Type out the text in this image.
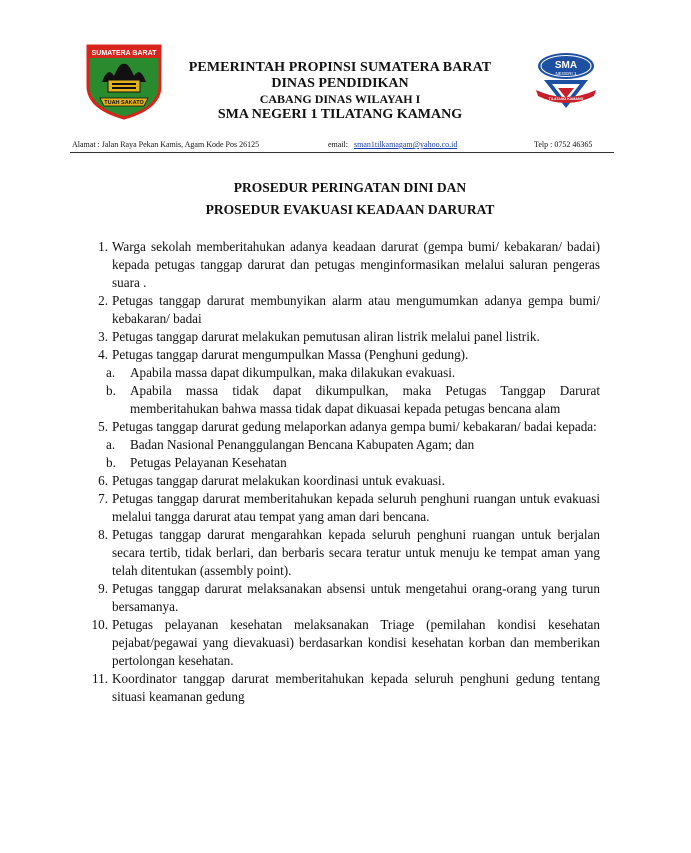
SUMATERA BARAT
TUAH SAKATO
SMA
NEGERI 1
TILATANG KAMANG
PEMERINTAH PROPINSI SUMATERA BARAT
DINAS PENDIDIKAN
CABANG DINAS WILAYAH I
SMA NEGERI 1 TILATANG KAMANG
Alamat : Jalan Raya Pekan Kamis, Agam Kode Pos 26125	email: sman1tilkamagam@yahoo.co.id	Telp : 0752 46365
PROSEDUR PERINGATAN DINI DAN
PROSEDUR EVAKUASI KEADAAN DARURAT
1. Warga sekolah memberitahukan adanya keadaan darurat (gempa bumi/ kebakaran/ badai) kepada petugas tanggap darurat dan petugas menginformasikan melalui saluran pengeras suara .
2. Petugas tanggap darurat membunyikan alarm atau mengumumkan adanya gempa bumi/ kebakaran/ badai
3. Petugas tanggap darurat melakukan pemutusan aliran listrik melalui panel listrik.
4. Petugas tanggap darurat mengumpulkan Massa (Penghuni gedung).
a. Apabila massa dapat dikumpulkan, maka dilakukan evakuasi.
b. Apabila massa tidak dapat dikumpulkan, maka Petugas Tanggap Darurat memberitahukan bahwa massa tidak dapat dikuasai kepada petugas bencana alam
5. Petugas tanggap darurat gedung melaporkan adanya gempa bumi/ kebakaran/ badai kepada:
a. Badan Nasional Penanggulangan Bencana Kabupaten Agam; dan
b. Petugas Pelayanan Kesehatan
6. Petugas tanggap darurat melakukan koordinasi untuk evakuasi.
7. Petugas tanggap darurat memberitahukan kepada seluruh penghuni ruangan untuk evakuasi melalui tangga darurat atau tempat yang aman dari bencana.
8. Petugas tanggap darurat mengarahkan kepada seluruh penghuni ruangan untuk berjalan secara tertib, tidak berlari, dan berbaris secara teratur untuk menuju ke tempat aman yang telah ditentukan (assembly point).
9. Petugas tanggap darurat melaksanakan absensi untuk mengetahui orang-orang yang turun bersamanya.
10. Petugas pelayanan kesehatan melaksanakan Triage (pemilahan kondisi kesehatan pejabat/pegawai yang dievakuasi) berdasarkan kondisi kesehatan korban dan memberikan pertolongan kesehatan.
11. Koordinator tanggap darurat memberitahukan kepada seluruh penghuni gedung tentang situasi keamanan gedung
